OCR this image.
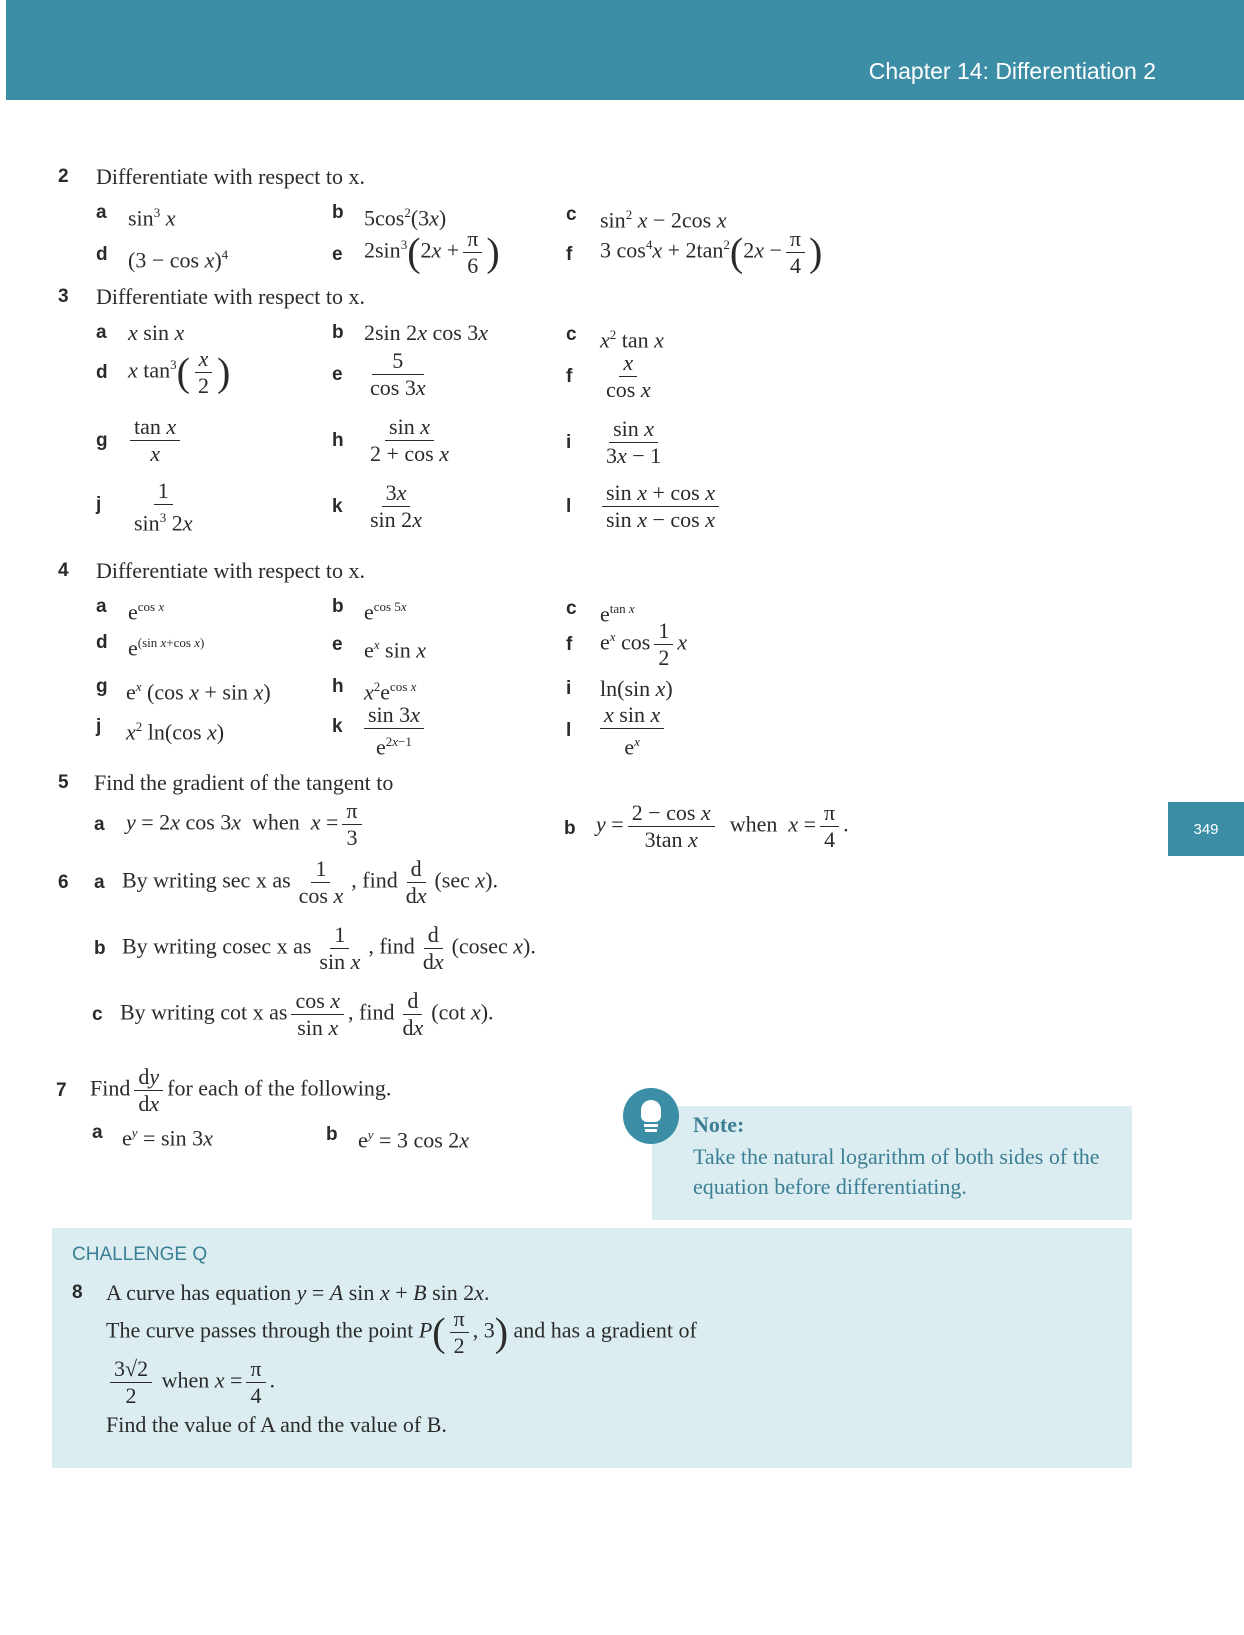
Chapter 14: Differentiation 2
349
2 Differentiate with respect to x.
a $\sin^3 x$	b $5\cos^2(3x)$	c $\sin^2 x - 2\cos$ x
d $(3 - \cos x)^4$	e $2\sin^3(2x + \frac{\pi}{6}$ )	f 3 $\cos^4x + 2\tan^2(2x - \frac{\pi}{4}$ )
3 Differentiate with respect to x.
a x sin x	b 2sin 2x cos 3x	c $x^2$ tan x
d x $\tan^3( \frac{x}{2}$ )	e $\frac{5}{\cos 3x}$	f $\frac{x}{\text{cos x}}$
g $\frac{\text{tan x}}{x}$	h $\frac{\text{sin x}}{\text{2 + cos x}}$	i $\frac{\text{sin x}}{3x - 1}$
j $\frac{1}{\sin^3 2x}$	k $\frac{3x}{\sin 2x}$	l $\frac{\text{sin x + cos x}}{\text{sin x − cos x}}$
4 Differentiate with respect to x.
a $e^{cos x}$	b $e^{cos 5x}$	c $e^{tan x}$
d $e^{(sin x+cos x)}$	e $e^x$ sin x	f $e^x$ $\cos \frac{1}{2}$ x
g $e^x$ (cos x + sin x)	h $x^2e^{cos x}$	i ln(sin x)
j $x^2$ ln(cos x)	k $\frac{\sin 3x}{e^{2x-1}}$	l $\frac{\text{x sin x}}{e^x}$
5 Find the gradient of the tangent to
a y = 2x cos 3x  when  $x = \frac{\pi}{3}$	b $y = \frac{\text{2 − cos x}}{\text{3tan x}}$ when  $x = \frac{\pi}{4}$ .
6 a By writing sec x as $\frac{1}{\text{cos x}}$ , find $\frac{d}{dx} (\sec$ x).
b By writing cosec x as $\frac{1}{\text{sin x}}$ , find $\frac{d}{dx} (cosec$ x).
c By writing cot x as $\frac{\text{cos x}}{\text{sin x}}$ , find $\frac{d}{dx} (\cot$ x).
7 Find $\frac{dy}{dx}$ for each of the following.
a $e^y = \sin 3x$	b $e^y = 3$ cos 2x
Note:
Take the natural logarithm of both sides of the equation before differentiating.
CHALLENGE Q
8 A curve has equation y = A sin x + B sin 2x.
The curve passes through the point $P( \frac{\pi}{2}$ , 3) and has a gradient of
$\frac{3√2}{2}$ when $x = \frac{\pi}{4}$ .
Find the value of A and the value of B.
